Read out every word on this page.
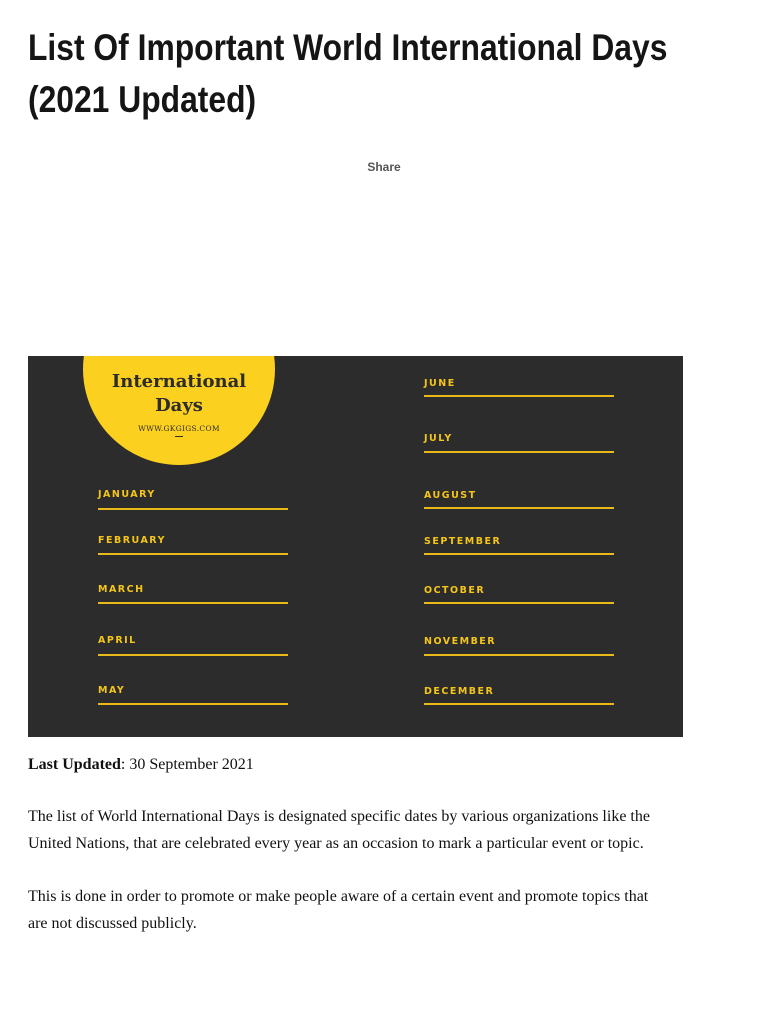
List Of Important World International Days
(2021 Updated)
Share
International
Days
WWW.GKGIGS.COM
JANUARY
FEBRUARY
MARCH
APRIL
MAY
JUNE
JULY
AUGUST
SEPTEMBER
OCTOBER
NOVEMBER
DECEMBER

Last Updated: 30 September 2021

The list of World International Days is designated specific dates by various organizations like the
United Nations, that are celebrated every year as an occasion to mark a particular event or topic.

This is done in order to promote or make people aware of a certain event and promote topics that
are not discussed publicly.
